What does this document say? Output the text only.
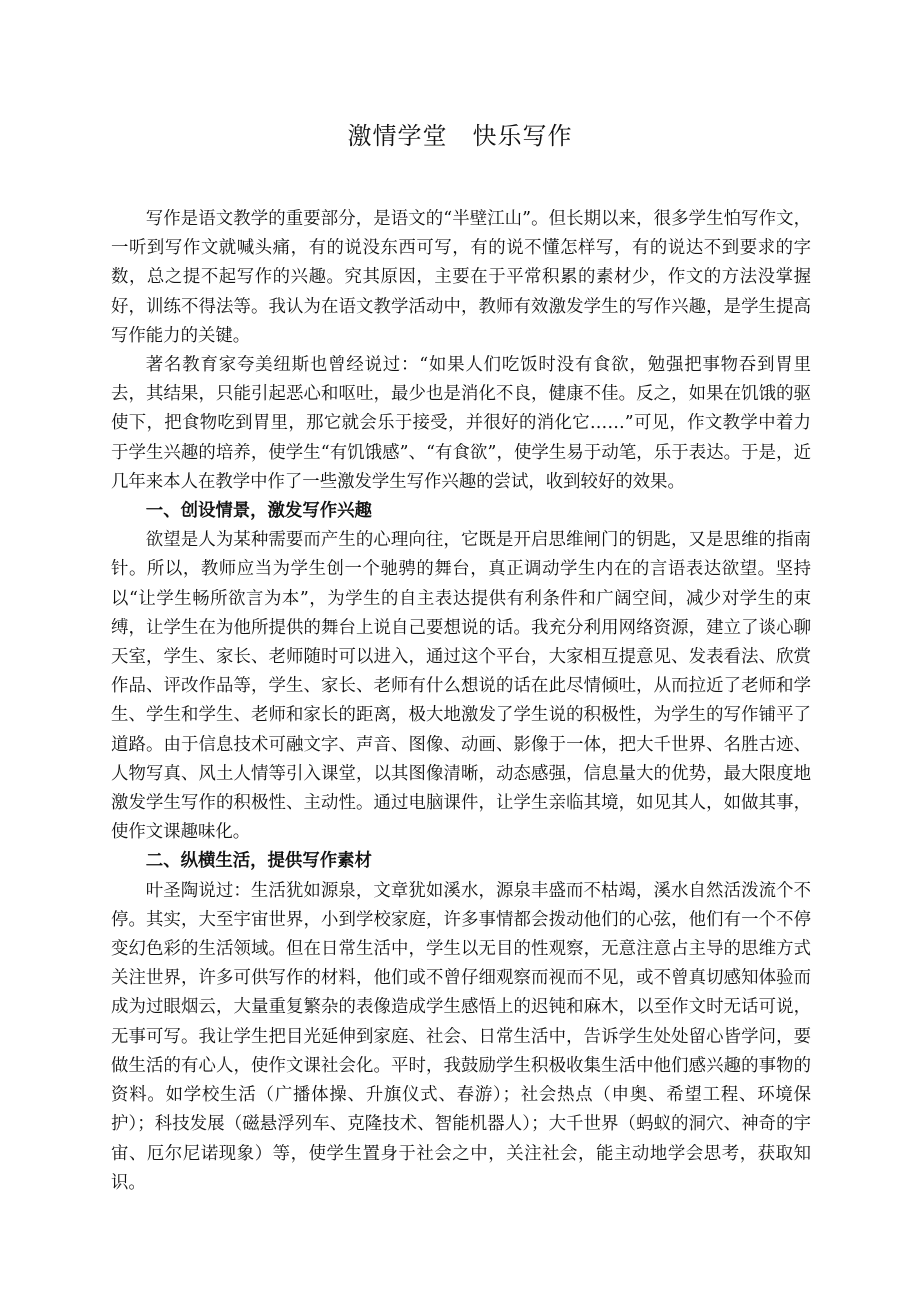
激情学堂　快乐写作

写作是语文教学的重要部分，是语文的“半壁江山”。但长期以来，很多学生怕写作文，一听到写作文就喊头痛，有的说没东西可写，有的说不懂怎样写，有的说达不到要求的字数，总之提不起写作的兴趣。究其原因，主要在于平常积累的素材少，作文的方法没掌握好，训练不得法等。我认为在语文教学活动中，教师有效激发学生的写作兴趣，是学生提高写作能力的关键。

著名教育家夸美纽斯也曾经说过：“如果人们吃饭时没有食欲，勉强把事物吞到胃里去，其结果，只能引起恶心和呕吐，最少也是消化不良，健康不佳。反之，如果在饥饿的驱使下，把食物吃到胃里，那它就会乐于接受，并很好的消化它……”可见，作文教学中着力于学生兴趣的培养，使学生“有饥饿感”、“有食欲”，使学生易于动笔，乐于表达。于是，近几年来本人在教学中作了一些激发学生写作兴趣的尝试，收到较好的效果。

一、创设情景，激发写作兴趣

欲望是人为某种需要而产生的心理向往，它既是开启思维闸门的钥匙，又是思维的指南针。所以，教师应当为学生创一个驰骋的舞台，真正调动学生内在的言语表达欲望。坚持以“让学生畅所欲言为本”，为学生的自主表达提供有利条件和广阔空间，减少对学生的束缚，让学生在为他所提供的舞台上说自己要想说的话。我充分利用网络资源，建立了谈心聊天室，学生、家长、老师随时可以进入，通过这个平台，大家相互提意见、发表看法、欣赏作品、评改作品等，学生、家长、老师有什么想说的话在此尽情倾吐，从而拉近了老师和学生、学生和学生、老师和家长的距离，极大地激发了学生说的积极性，为学生的写作铺平了道路。由于信息技术可融文字、声音、图像、动画、影像于一体，把大千世界、名胜古迹、人物写真、风土人情等引入课堂，以其图像清晰，动态感强，信息量大的优势，最大限度地激发学生写作的积极性、主动性。通过电脑课件，让学生亲临其境，如见其人，如做其事，使作文课趣味化。

二、纵横生活，提供写作素材

叶圣陶说过：生活犹如源泉，文章犹如溪水，源泉丰盛而不枯竭，溪水自然活泼流个不停。其实，大至宇宙世界，小到学校家庭，许多事情都会拨动他们的心弦，他们有一个不停变幻色彩的生活领域。但在日常生活中，学生以无目的性观察，无意注意占主导的思维方式关注世界，许多可供写作的材料，他们或不曾仔细观察而视而不见，或不曾真切感知体验而成为过眼烟云，大量重复繁杂的表像造成学生感悟上的迟钝和麻木，以至作文时无话可说，无事可写。我让学生把目光延伸到家庭、社会、日常生活中，告诉学生处处留心皆学问，要做生活的有心人，使作文课社会化。平时，我鼓励学生积极收集生活中他们感兴趣的事物的资料。如学校生活（广播体操、升旗仪式、春游）；社会热点（申奥、希望工程、环境保护）；科技发展（磁悬浮列车、克隆技术、智能机器人）；大千世界（蚂蚁的洞穴、神奇的宇宙、厄尔尼诺现象）等，使学生置身于社会之中，关注社会，能主动地学会思考，获取知识。
